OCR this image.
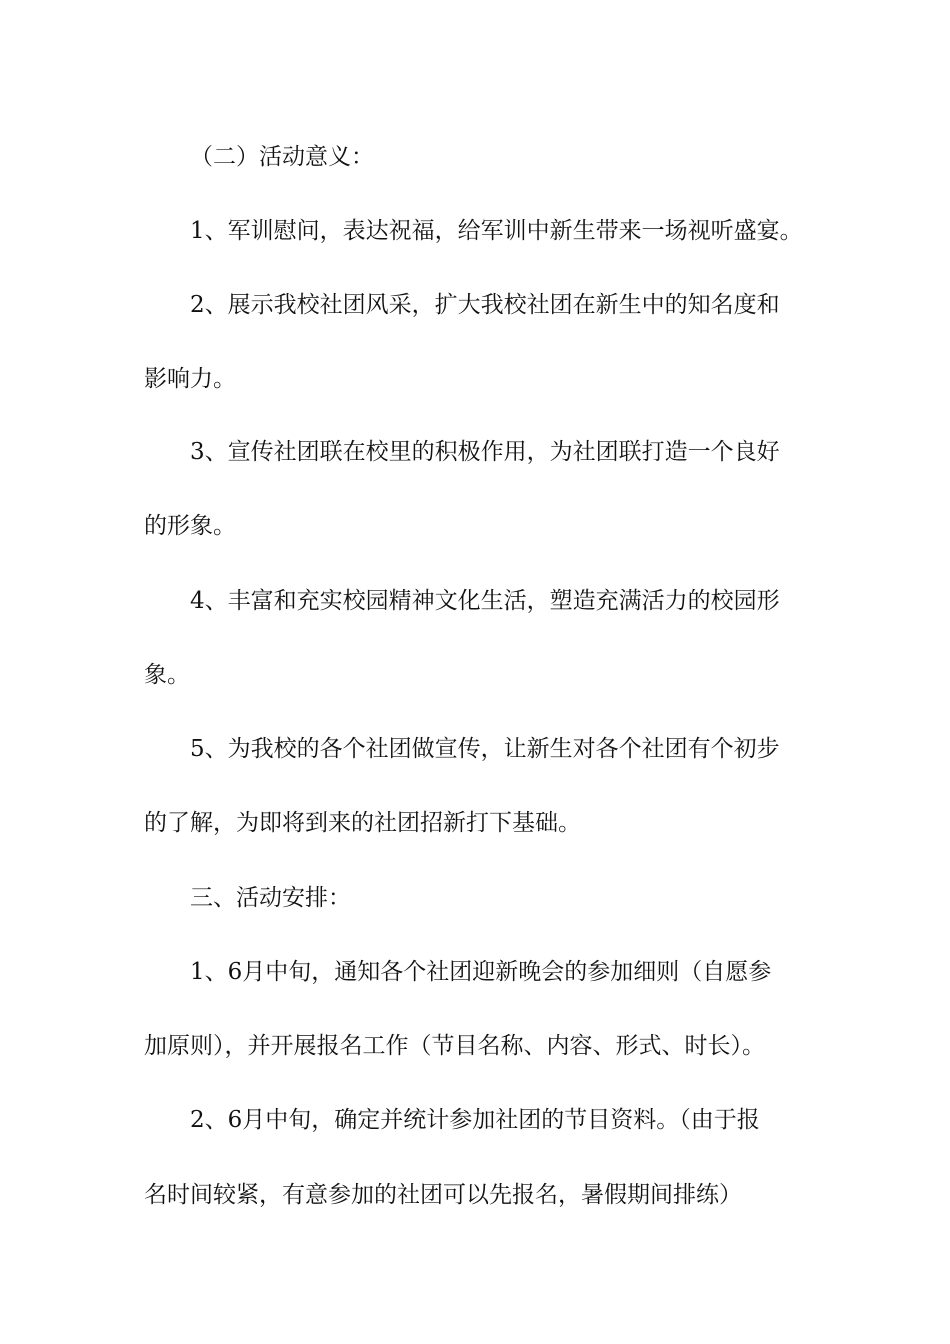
（二）活动意义：
1、军训慰问，表达祝福，给军训中新生带来一场视听盛宴。
2、展示我校社团风采，扩大我校社团在新生中的知名度和
影响力。
3、宣传社团联在校里的积极作用，为社团联打造一个良好
的形象。
4、丰富和充实校园精神文化生活，塑造充满活力的校园形
象。
5、为我校的各个社团做宣传，让新生对各个社团有个初步
的了解，为即将到来的社团招新打下基础。
三、活动安排：
1、6月中旬，通知各个社团迎新晚会的参加细则（自愿参
加原则），并开展报名工作（节目名称、内容、形式、时长）。
2、6月中旬，确定并统计参加社团的节目资料。（由于报
名时间较紧，有意参加的社团可以先报名，暑假期间排练）
